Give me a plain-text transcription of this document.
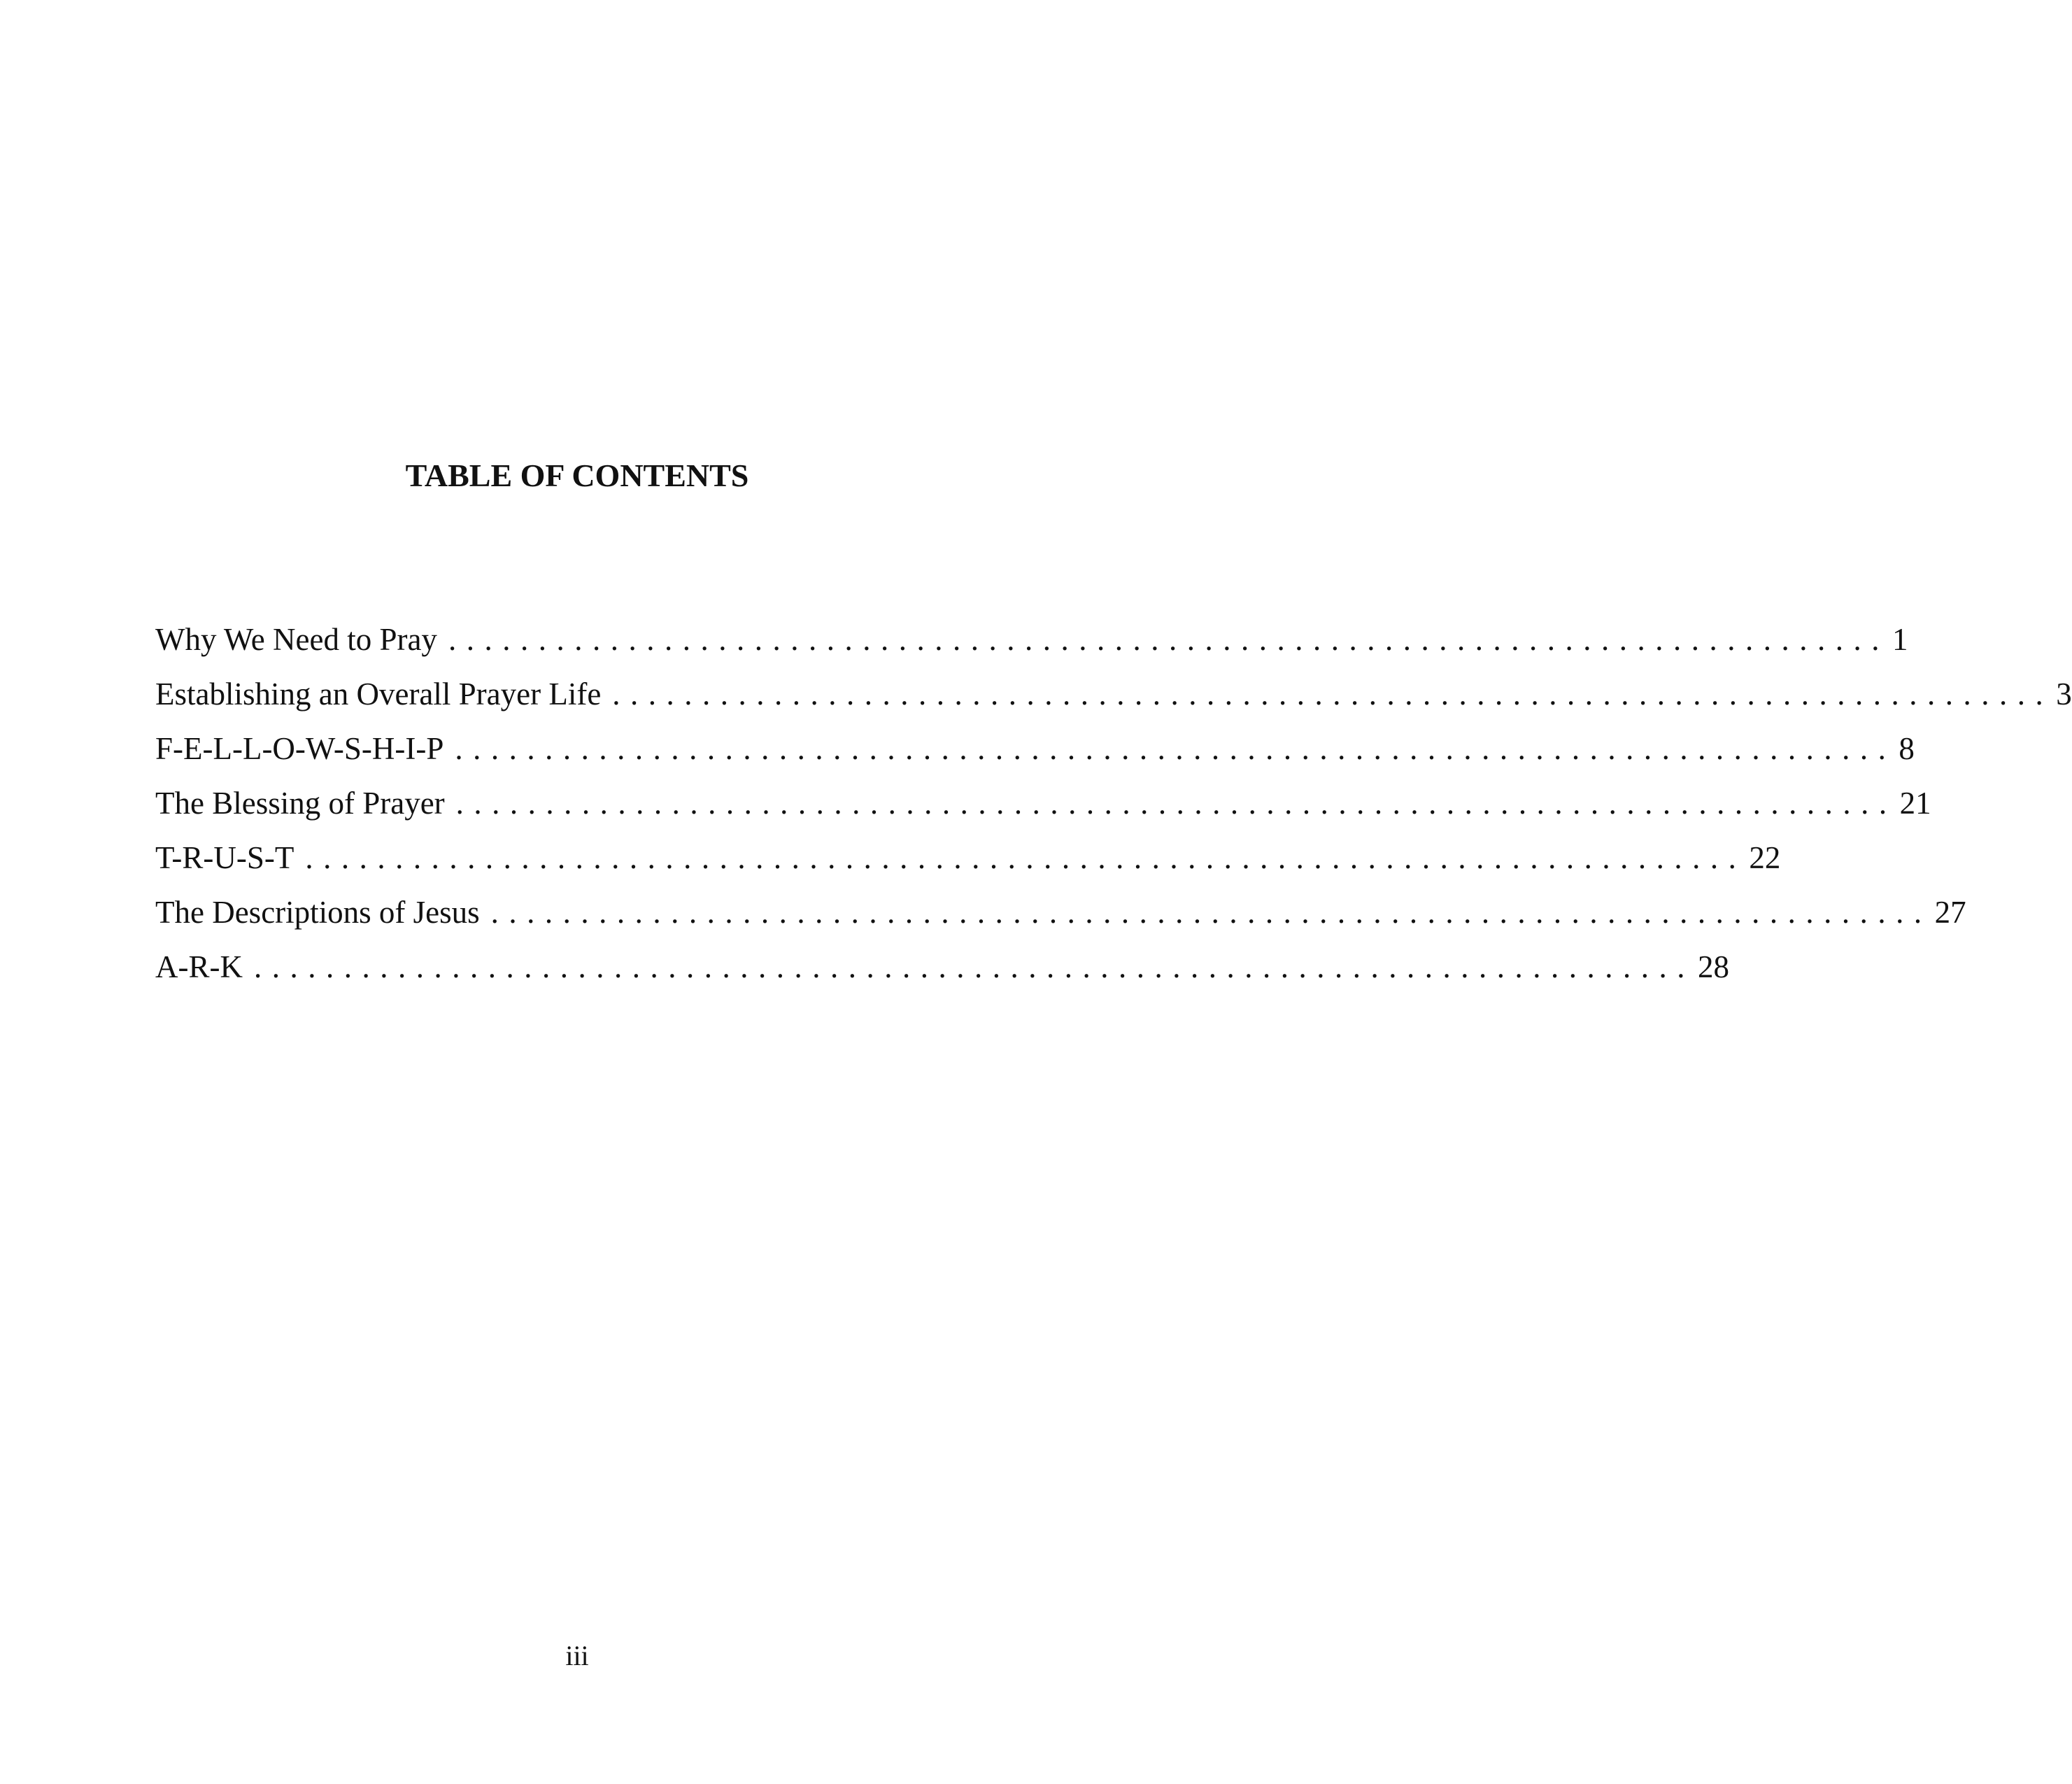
TABLE OF CONTENTS
Why We Need to Pray ................................................................................ 1
Establishing an Overall Prayer Life ................................................................................ 3
F-E-L-L-O-W-S-H-I-P ................................................................................ 8
The Blessing of Prayer ................................................................................ 21
T-R-U-S-T ................................................................................ 22
The Descriptions of Jesus ................................................................................ 27
A-R-K ................................................................................ 28
iii
